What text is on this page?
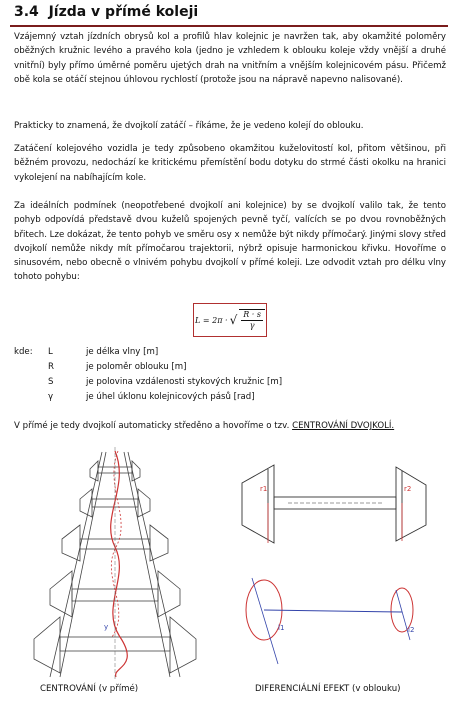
3.4 Jízda v přímé koleji

Vzájemný vztah jízdních obrysů kol a profilů hlav kolejnic je navržen tak, aby okamžité poloměry oběžných kružnic levého a pravého kola (jedno je vzhledem k oblouku koleje vždy vnější a druhé vnitřní) byly přímo úměrné poměru ujetých drah na vnitřním a vnějším kolejnicovém pásu. Přičemž obě kola se otáčí stejnou úhlovou rychlostí (protože jsou na nápravě napevno nalisované).

Prakticky to znamená, že dvojkolí zatáčí – říkáme, že je vedeno kolejí do oblouku.

Zatáčení kolejového vozidla je tedy způsobeno okamžitou kuželovitostí kol, přitom většinou, při běžném provozu, nedochází ke kritickému přemístění bodu dotyku do strmé části okolku na hranici vykolejení na nabíhajícím kole.

Za ideálních podmínek (neopotřebené dvojkolí ani kolejnice) by se dvojkolí valilo tak, že tento pohyb odpovídá představě dvou kuželů spojených pevně tyčí, valících se po dvou rovnoběžných břitech. Lze dokázat, že tento pohyb ve směru osy x nemůže být nikdy přímočarý. Jinými slovy střed dvojkolí nemůže nikdy mít přímočarou trajektorii, nýbrž opisuje harmonickou křivku. Hovoříme o sinusovém, nebo obecně o vlnivém pohybu dvojkolí v přímé koleji. Lze odvodit vztah pro délku vlny tohoto pohybu:

L = 2π · √ $\frac{R \cdot s}{\gamma}$
kde:	L	je délka vlny [m]
R	je poloměr oblouku [m]
S	je polovina vzdálenosti stykových kružnic [m]
γ	je úhel úklonu kolejnicových pásů [rad]
V přímé je tedy dvojkolí automaticky středěno a hovoříme o tzv. CENTROVÁNÍ DVOJKOLÍ.
y
r1	r2
l1	l2
CENTROVÁNÍ (v přímé)	DIFERENCIÁLNÍ EFEKT (v oblouku)
